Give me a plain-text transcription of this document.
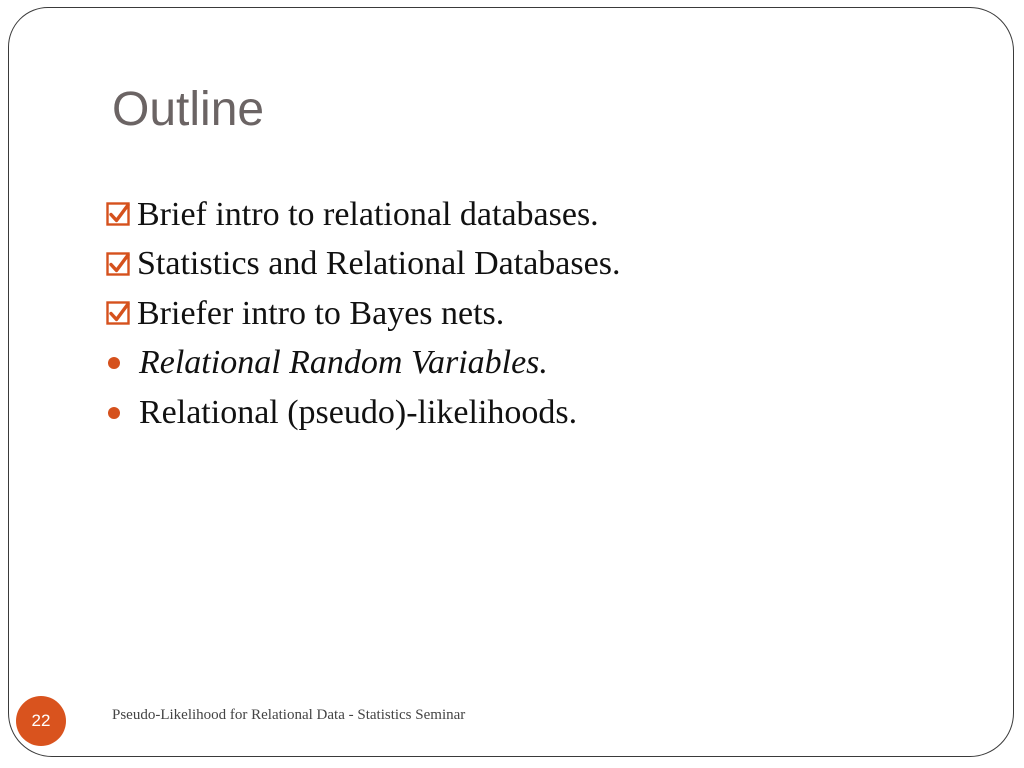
Outline
Brief intro to relational databases.
Statistics and Relational Databases.
Briefer intro to Bayes nets.
Relational Random Variables.
Relational (pseudo)-likelihoods.
22	Pseudo-Likelihood for Relational Data - Statistics Seminar
